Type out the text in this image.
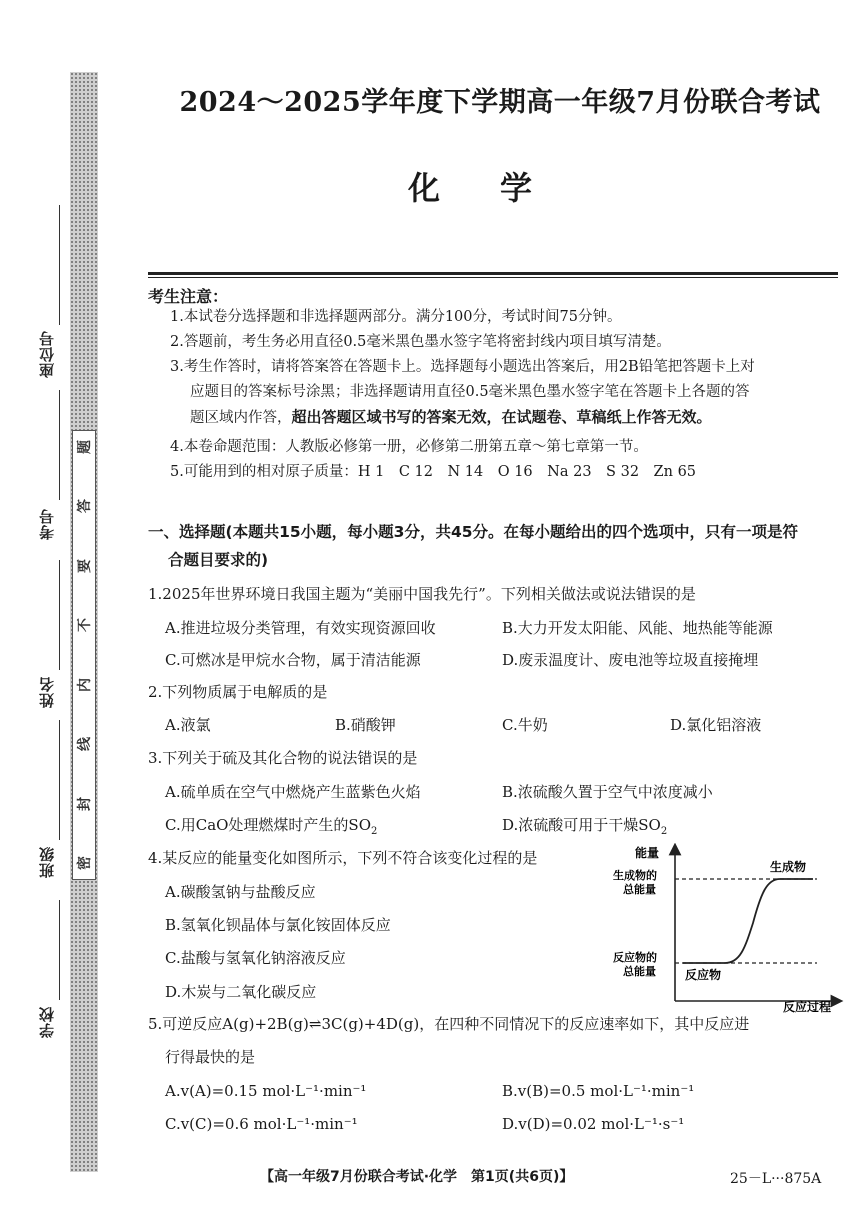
题
答
要
不
内
线
封
密
座位号
考号
姓名
班级
学校
2024～2025学年度下学期高一年级7月份联合考试
化学
考生注意：
1.本试卷分选择题和非选择题两部分。满分100分，考试时间75分钟。
2.答题前，考生务必用直径0.5毫米黑色墨水签字笔将密封线内项目填写清楚。
3.考生作答时，请将答案答在答题卡上。选择题每小题选出答案后，用2B铅笔把答题卡上对
应题目的答案标号涂黑；非选择题请用直径0.5毫米黑色墨水签字笔在答题卡上各题的答
题区域内作答，超出答题区域书写的答案无效，在试题卷、草稿纸上作答无效。
4.本卷命题范围：人教版必修第一册，必修第二册第五章～第七章第一节。
5.可能用到的相对原子质量：H 1　C 12　N 14　O 16　Na 23　S 32　Zn 65
一、选择题(本题共15小题，每小题3分，共45分。在每小题给出的四个选项中，只有一项是符
合题目要求的)
1.2025年世界环境日我国主题为“美丽中国我先行”。下列相关做法或说法错误的是
A.推进垃圾分类管理，有效实现资源回收	B.大力开发太阳能、风能、地热能等能源
C.可燃冰是甲烷水合物，属于清洁能源	D.废汞温度计、废电池等垃圾直接掩埋
2.下列物质属于电解质的是
A.液氯	B.硝酸钾	C.牛奶	D.氯化铝溶液
3.下列关于硫及其化合物的说法错误的是
A.硫单质在空气中燃烧产生蓝紫色火焰	B.浓硫酸久置于空气中浓度减小
C.用CaO处理燃煤时产生的$SO_2$	D.浓硫酸可用于干燥$SO_2$
4.某反应的能量变化如图所示，下列不符合该变化过程的是
A.碳酸氢钠与盐酸反应
B.氢氧化钡晶体与氯化铵固体反应
C.盐酸与氢氧化钠溶液反应
D.木炭与二氧化碳反应
能量
反应过程
生成物
生成物的
总能量
反应物的
总能量 反应物
5.可逆反应A(g)+2B(g)⇌3C(g)+4D(g)，在四种不同情况下的反应速率如下，其中反应进
行得最快的是
A.v(A)=0.15 mol·L⁻¹·min⁻¹	B.v(B)=0.5 mol·L⁻¹·min⁻¹
C.v(C)=0.6 mol·L⁻¹·min⁻¹	D.v(D)=0.02 mol·L⁻¹·s⁻¹
【高一年级7月份联合考试·化学　第1页(共6页)】	25－L···875A
